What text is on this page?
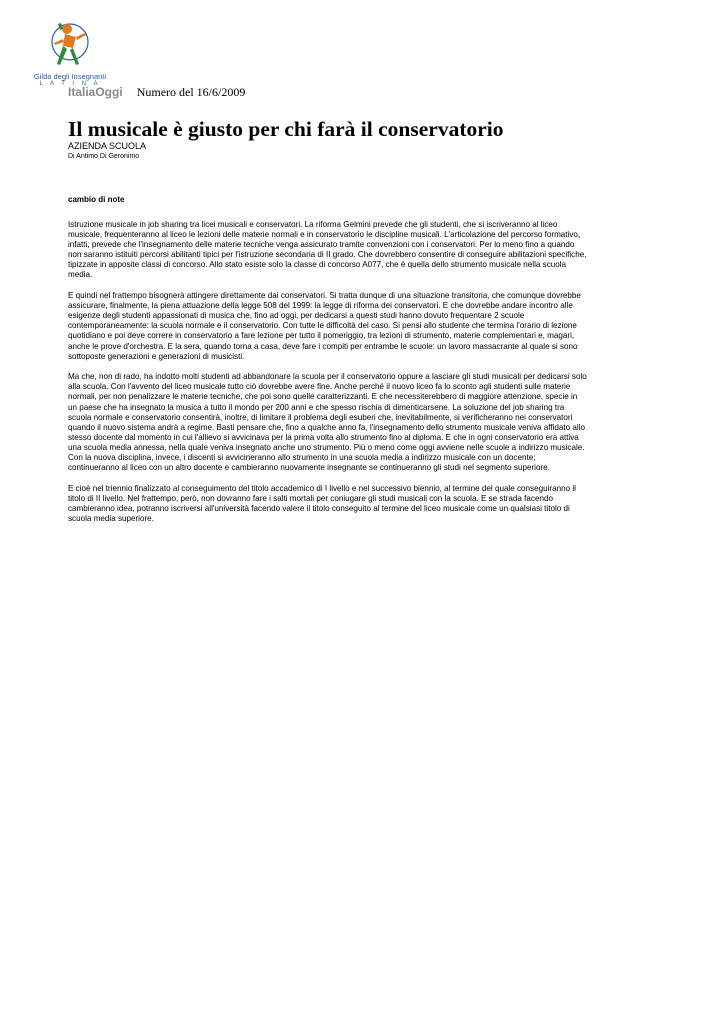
Gilda degli Insegnanti
L A T I N A
ItaliaOggi Numero del 16/6/2009
Il musicale è giusto per chi farà il conservatorio
AZIENDA SCUOLA
Di Antimo Di Geronimo
cambio di note

Istruzione musicale in job sharing tra licei musicali e conservatori. La riforma Gelmini prevede che gli studenti, che si iscriveranno al liceo
musicale, frequenteranno al liceo le lezioni delle materie normali e in conservatorio le discipline musicali. L'articolazione del percorso formativo,
infatti, prevede che l'insegnamento delle materie tecniche venga assicurato tramite convenzioni con i conservatori. Per lo meno fino a quando
non saranno istituiti percorsi abilitanti tipici per l'istruzione secondaria di II grado. Che dovrebbero consentire di conseguire abilitazioni specifiche,
tipizzate in apposite classi di concorso. Allo stato esiste solo la classe di concorso A077, che è quella dello strumento musicale nella scuola
media.

E quindi nel frattempo bisognerà attingere direttamente dai conservatori. Si tratta dunque di una situazione transitoria, che comunque dovrebbe
assicurare, finalmente, la piena attuazione della legge 508 del 1999: la legge di riforma dei conservatori. E che dovrebbe andare incontro alle
esigenze degli studenti appassionati di musica che, fino ad oggi, per dedicarsi a questi studi hanno dovuto frequentare 2 scuole
contemporaneamente: la scuola normale e il conservatorio. Con tutte le difficoltà del caso. Si pensi allo studente che termina l'orario di lezione
quotidiano e poi deve correre in conservatorio a fare lezione per tutto il pomeriggio, tra lezioni di strumento, materie complementari e, magari,
anche le prove d'orchestra. E la sera, quando torna a casa, deve fare i compiti per entrambe le scuole: un lavoro massacrante al quale si sono
sottoposte generazioni e generazioni di musicisti.

Ma che, non di rado, ha indotto molti studenti ad abbandonare la scuola per il conservatorio oppure a lasciare gli studi musicali per dedicarsi solo
alla scuola. Con l'avvento del liceo musicale tutto ciò dovrebbe avere fine. Anche perché il nuovo liceo fa lo sconto agli studenti sulle materie
normali, per non penalizzare le materie tecniche, che poi sono quelle caratterizzanti. E che necessiterebbero di maggiore attenzione, specie in
un paese che ha insegnato la musica a tutto il mondo per 200 anni e che spesso rischia di dimenticarsene. La soluzione del job sharing tra
scuola normale e conservatorio consentirà, inoltre, di limitare il problema degli esuberi che, inevitabilmente, si verificheranno nei conservatori
quando il nuovo sistema andrà a regime. Basti pensare che, fino a qualche anno fa, l'insegnamento dello strumento musicale veniva affidato allo
stesso docente dal momento in cui l'allievo si avvicinava per la prima volta allo strumento fino al diploma. E che in ogni conservatorio era attiva
una scuola media annessa, nella quale veniva insegnato anche uno strumento. Più o meno come oggi avviene nelle scuole a indirizzo musicale.
Con la nuova disciplina, invece, i discenti si avvicineranno allo strumento in una scuola media a indirizzo musicale con un docente;
continueranno al liceo con un altro docente e cambieranno nuovamente insegnante se continueranno gli studi nel segmento superiore.

E cioè nel triennio finalizzato al conseguimento del titolo accademico di I livello e nel successivo biennio, al termine del quale conseguiranno il
titolo di II livello. Nel frattempo, però, non dovranno fare i salti mortali per coniugare gli studi musicali con la scuola. E se strada facendo
cambieranno idea, potranno iscriversi all'università facendo valere il titolo conseguito al termine del liceo musicale come un qualsiasi titolo di
scuola media superiore.
